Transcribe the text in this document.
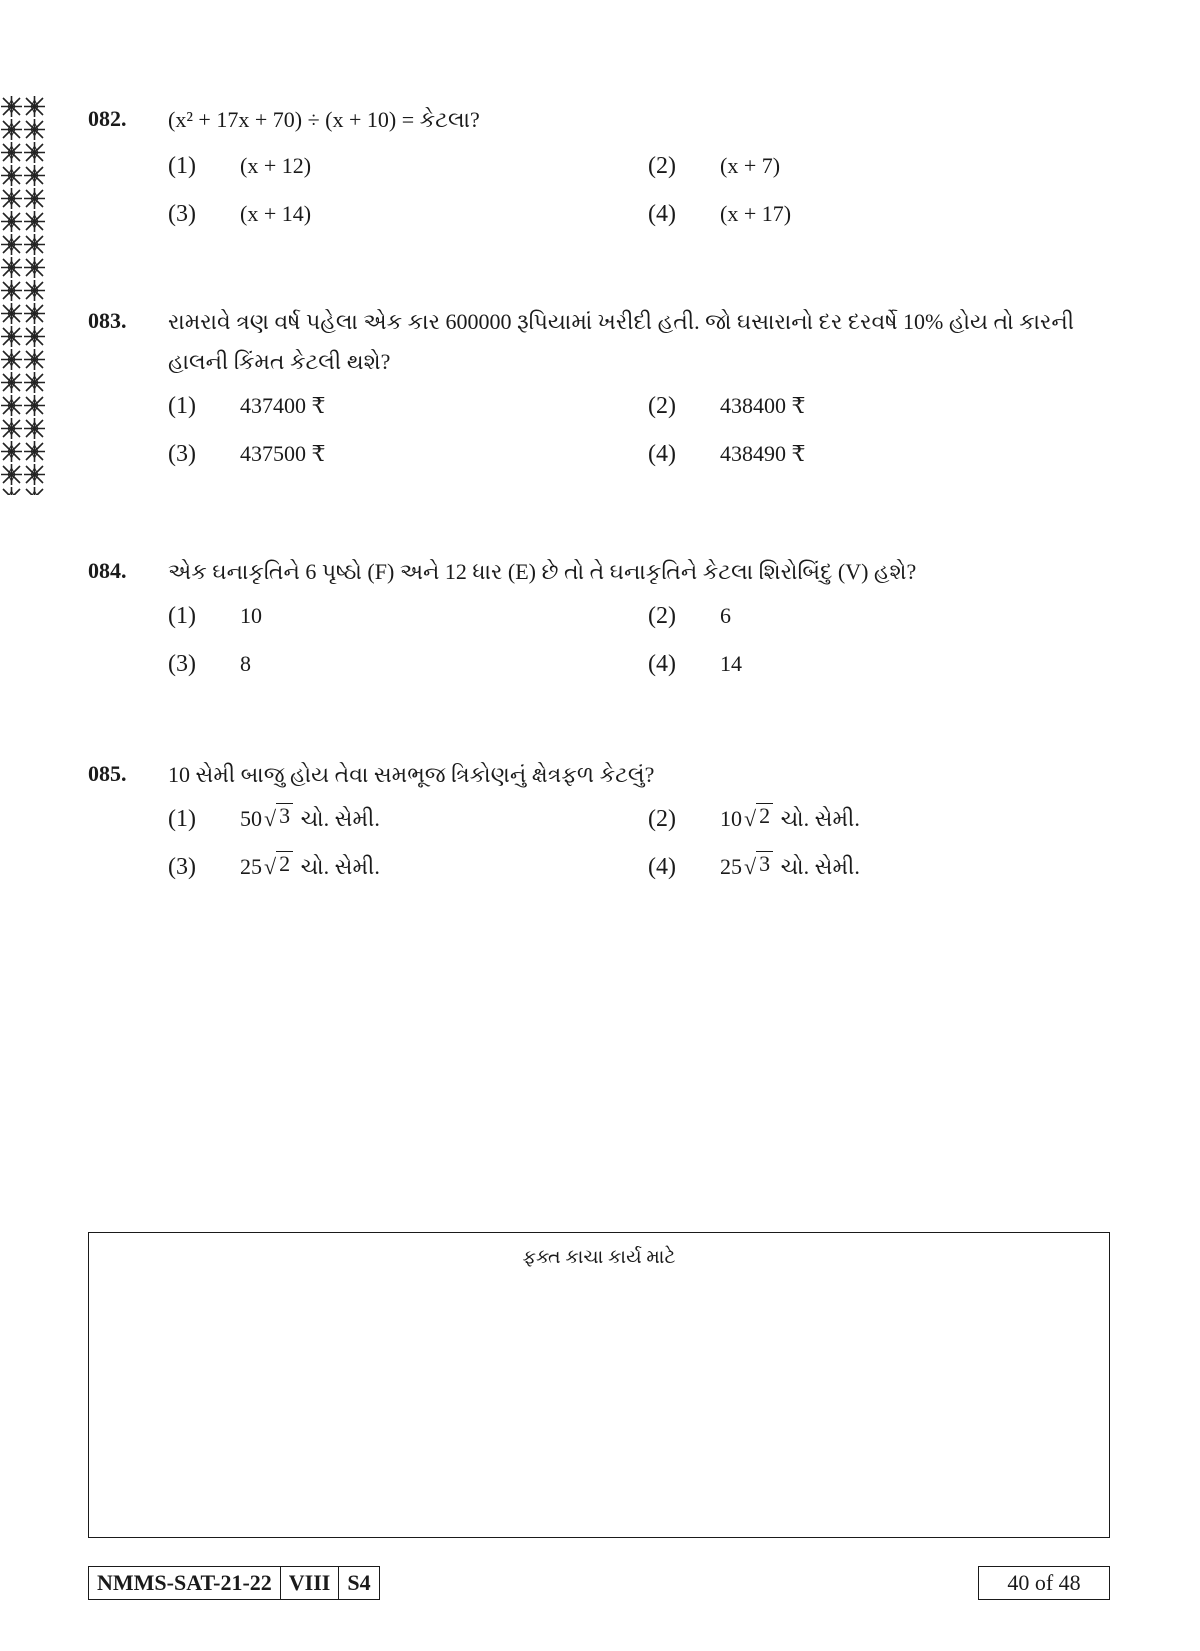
082.	(x² + 17x + 70) ÷ (x + 10) = કેટલા?
(1)	(x + 12)	(2)	(x + 7)
(3)	(x + 14)	(4)	(x + 17)
083.	રામરાવે ત્રણ વર્ષ પહેલા એક કાર 600000 રૂપિયામાં ખરીદી હતી. જો ઘસારાનો દર દરવર્ષે 10% હોય તો કારની હાલની કિંમત કેટલી થશે?
(1)	437400 ₹	(2)	438400 ₹
(3)	437500 ₹	(4)	438490 ₹
084.	એક ઘનાકૃતિને 6 પૃષ્ઠો (F) અને 12 ધાર (E) છે તો તે ઘનાકૃતિને કેટલા શિરોબિંદુ (V) હશે?
(1)	10	(2)	6
(3)	8	(4)	14
085.	10 સેમી બાજુ હોય તેવા સમભૂજ ત્રિકોણનું ક્ષેત્રફળ કેટલું?
(1)	50 √ 3 ચો. સેમી.	(2)	10 √ 2 ચો. સેમી.
(3)	25 √ 2 ચો. સેમી.	(4)	25 √ 3 ચો. સેમી.
ફક્ત કાચા કાર્ય માટે
NMMS-SAT-21-22 VIII S4	40 of 48
